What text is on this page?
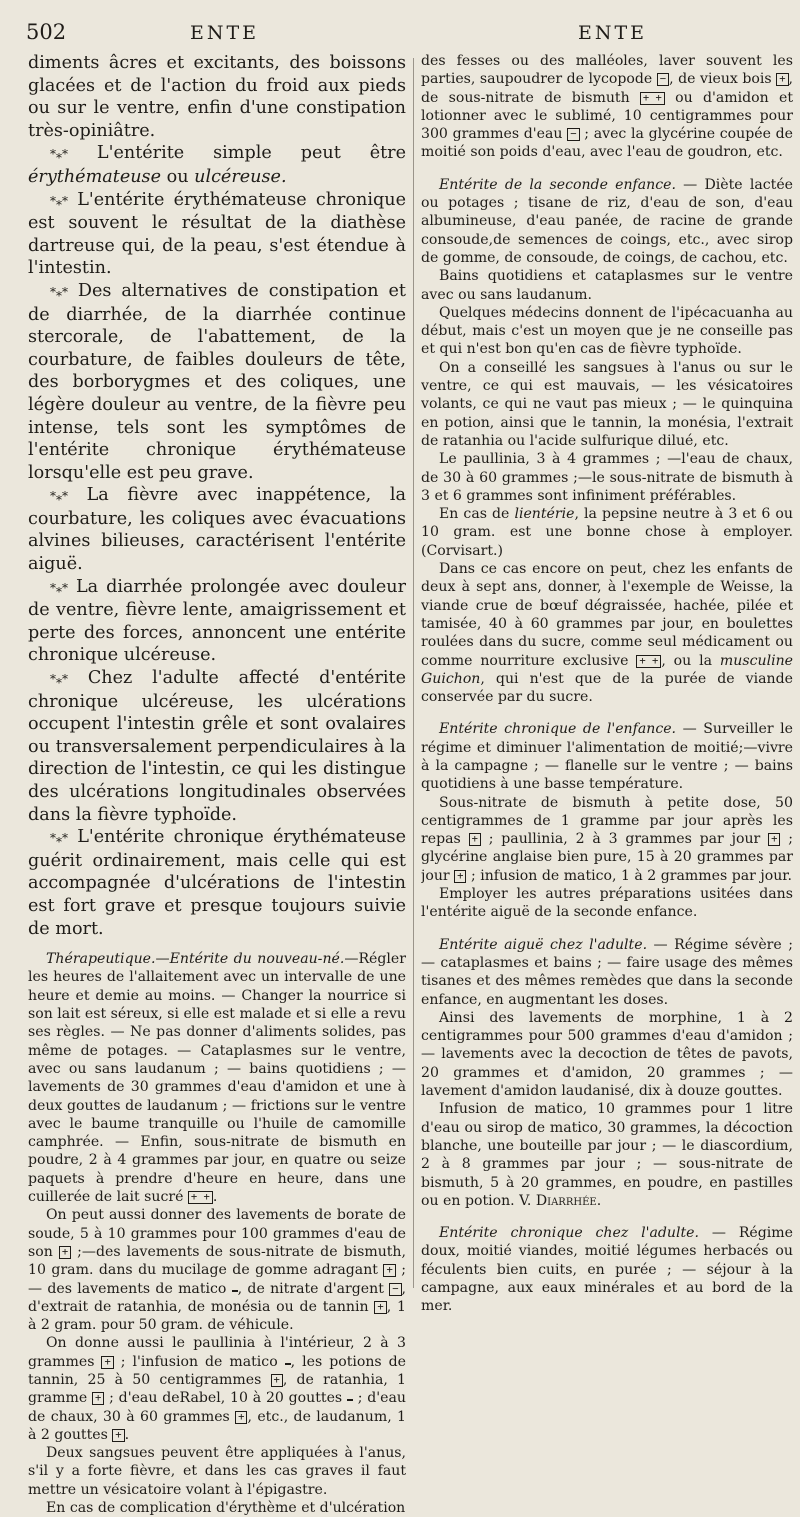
502	ENTE	ENTE

diments âcres et excitants, des boissons glacées et de l'action du froid aux pieds ou sur le ventre, enfin d'une constipation très-opiniâtre.

*⁎* L'entérite simple peut être érythémateuse ou ulcéreuse.

*⁎* L'entérite érythémateuse chronique est souvent le résultat de la diathèse dartreuse qui, de la peau, s'est étendue à l'intestin.

*⁎* Des alternatives de constipation et de diarrhée, de la diarrhée continue stercorale, de l'abattement, de la courbature, de faibles douleurs de tête, des borborygmes et des coliques, une légère douleur au ventre, de la fièvre peu intense, tels sont les symptômes de l'entérite chronique érythémateuse lorsqu'elle est peu grave.

*⁎* La fièvre avec inappétence, la courbature, les coliques avec évacuations alvines bilieuses, caractérisent l'entérite aiguë.

*⁎* La diarrhée prolongée avec douleur de ventre, fièvre lente, amaigrissement et perte des forces, annoncent une entérite chronique ulcéreuse.

*⁎* Chez l'adulte affecté d'entérite chronique ulcéreuse, les ulcérations occupent l'intestin grêle et sont ovalaires ou transversalement perpendiculaires à la direction de l'intestin, ce qui les distingue des ulcérations longitudinales observées dans la fièvre typhoïde.

*⁎* L'entérite chronique érythémateuse guérit ordinairement, mais celle qui est accompagnée d'ulcérations de l'intestin est fort grave et presque toujours suivie de mort.

Thérapeutique.—Entérite du nouveau-né.—Régler les heures de l'allaitement avec un intervalle de une heure et demie au moins. — Changer la nourrice si son lait est séreux, si elle est malade et si elle a revu ses règles. — Ne pas donner d'aliments solides, pas même de potages. — Cataplasmes sur le ventre, avec ou sans laudanum ; — bains quotidiens ; — lavements de 30 grammes d'eau d'amidon et une à deux gouttes de laudanum ; — frictions sur le ventre avec le baume tranquille ou l'huile de camomille camphrée. — Enfin, sous-nitrate de bismuth en poudre, 2 à 4 grammes par jour, en quatre ou seize paquets à prendre d'heure en heure, dans une cuillerée de lait sucré + + .

On peut aussi donner des lavements de borate de soude, 5 à 10 grammes pour 100 grammes d'eau de son + ;—des lavements de sous-nitrate de bismuth, 10 gram. dans du mucilage de gomme adragant + ; — des lavements de matico , de nitrate d'argent − , d'extrait de ratanhia, de monésia ou de tannin + , 1 à 2 gram. pour 50 gram. de véhicule.

On donne aussi le paullinia à l'intérieur, 2 à 3 grammes + ; l'infusion de matico , les potions de tannin, 25 à 50 centigrammes + , de ratanhia, 1 gramme + ; d'eau deRabel, 10 à 20 gouttes  ; d'eau de chaux, 30 à 60 grammes + , etc., de laudanum, 1 à 2 gouttes + .

Deux sangsues peuvent être appliquées à l'anus, s'il y a forte fièvre, et dans les cas graves il faut mettre un vésicatoire volant à l'épigastre.

En cas de complication d'érythème et d'ulcération

des fesses ou des malléoles, laver souvent les parties, saupoudrer de lycopode − , de vieux bois + , de sous-nitrate de bismuth + + ou d'amidon et lotionner avec le sublimé, 10 centigrammes pour 300 grammes d'eau − ; avec la glycérine coupée de moitié son poids d'eau, avec l'eau de goudron, etc.

Entérite de la seconde enfance. — Diète lactée ou potages ; tisane de riz, d'eau de son, d'eau albumineuse, d'eau panée, de racine de grande consoude,de semences de coings, etc., avec sirop de gomme, de consoude, de coings, de cachou, etc.

Bains quotidiens et cataplasmes sur le ventre avec ou sans laudanum.

Quelques médecins donnent de l'ipécacuanha au début, mais c'est un moyen que je ne conseille pas et qui n'est bon qu'en cas de fièvre typhoïde.

On a conseillé les sangsues à l'anus ou sur le ventre, ce qui est mauvais, — les vésicatoires volants, ce qui ne vaut pas mieux ; — le quinquina en potion, ainsi que le tannin, la monésia, l'extrait de ratanhia ou l'acide sulfurique dilué, etc.

Le paullinia, 3 à 4 grammes ; —l'eau de chaux, de 30 à 60 grammes ;—le sous-nitrate de bismuth à 3 et 6 grammes sont infiniment préférables.

En cas de lientérie, la pepsine neutre à 3 et 6 ou 10 gram. est une bonne chose à employer. (Corvisart.)

Dans ce cas encore on peut, chez les enfants de deux à sept ans, donner, à l'exemple de Weisse, la viande crue de bœuf dégraissée, hachée, pilée et tamisée, 40 à 60 grammes par jour, en boulettes roulées dans du sucre, comme seul médicament ou comme nourriture exclusive + + , ou la musculine Guichon, qui n'est que de la purée de viande conservée par du sucre.

Entérite chronique de l'enfance. — Surveiller le régime et diminuer l'alimentation de moitié;—vivre à la campagne ; — flanelle sur le ventre ; — bains quotidiens à une basse température.

Sous-nitrate de bismuth à petite dose, 50 centigrammes de 1 gramme par jour après les repas + ; paullinia, 2 à 3 grammes par jour + ; glycérine anglaise bien pure, 15 à 20 grammes par jour + ; infusion de matico, 1 à 2 grammes par jour.

Employer les autres préparations usitées dans l'entérite aiguë de la seconde enfance.

Entérite aiguë chez l'adulte. — Régime sévère ; — cataplasmes et bains ; — faire usage des mêmes tisanes et des mêmes remèdes que dans la seconde enfance, en augmentant les doses.

Ainsi des lavements de morphine, 1 à 2 centigrammes pour 500 grammes d'eau d'amidon ; — lavements avec la decoction de têtes de pavots, 20 grammes et d'amidon, 20 grammes ; — lavement d'amidon laudanisé, dix à douze gouttes.

Infusion de matico, 10 grammes pour 1 litre d'eau ou sirop de matico, 30 grammes, la décoction blanche, une bouteille par jour ; — le diascordium, 2 à 8 grammes par jour ; — sous-nitrate de bismuth, 5 à 20 grammes, en poudre, en pastilles ou en potion. V. Diarrhée.

Entérite chronique chez l'adulte. — Régime doux, moitié viandes, moitié légumes herbacés ou féculents bien cuits, en purée ; — séjour à la campagne, aux eaux minérales et au bord de la mer.
